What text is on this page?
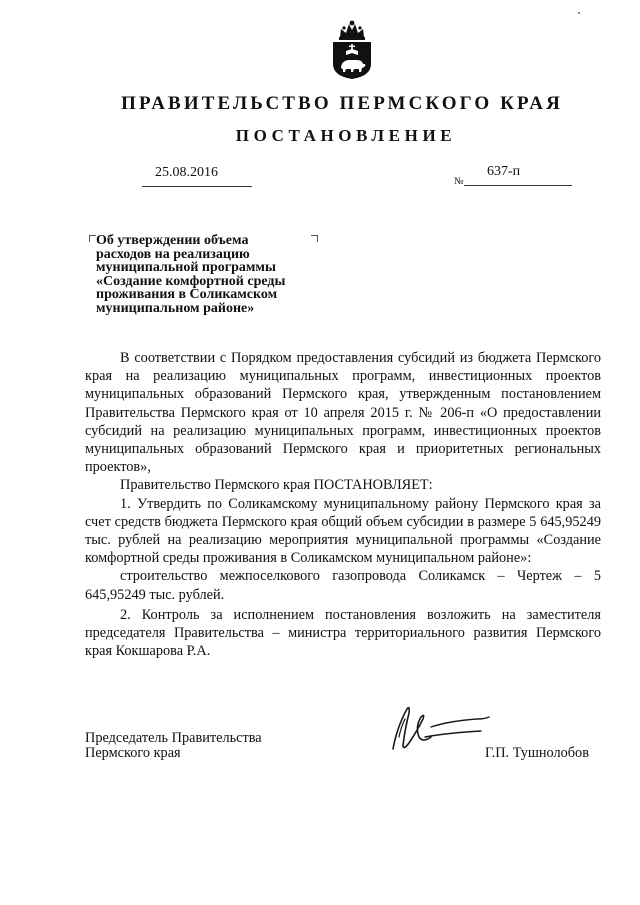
ПРАВИТЕЛЬСТВО ПЕРМСКОГО КРАЯ
ПОСТАНОВЛЕНИЕ
25.08.2016
№
637-п
Об утверждении объема
расходов на реализацию
муниципальной программы
«Создание комфортной среды
проживания в Соликамском
муниципальном районе»

В соответствии с Порядком предоставления субсидий из бюджета Пермского края на реализацию муниципальных программ, инвестиционных проектов муниципальных образований Пермского края, утвержденным постановлением Правительства Пермского края от 10 апреля 2015 г. № 206-п «О предоставлении субсидий на реализацию муниципальных программ, инвестиционных проектов муниципальных образований Пермского края и приоритетных региональных проектов»,

Правительство Пермского края ПОСТАНОВЛЯЕТ:

1. Утвердить по Соликамскому муниципальному району Пермского края за счет средств бюджета Пермского края общий объем субсидии в размере 5 645,95249 тыс. рублей на реализацию мероприятия муниципальной программы «Создание комфортной среды проживания в Соликамском муниципальном районе»:

строительство межпоселкового газопровода Соликамск – Чертеж – 5 645,95249 тыс. рублей.

2. Контроль за исполнением постановления возложить на заместителя председателя Правительства – министра территориального развития Пермского края Кокшарова Р.А.

Председатель Правительства
Пермского края	Г.П. Тушнолобов
